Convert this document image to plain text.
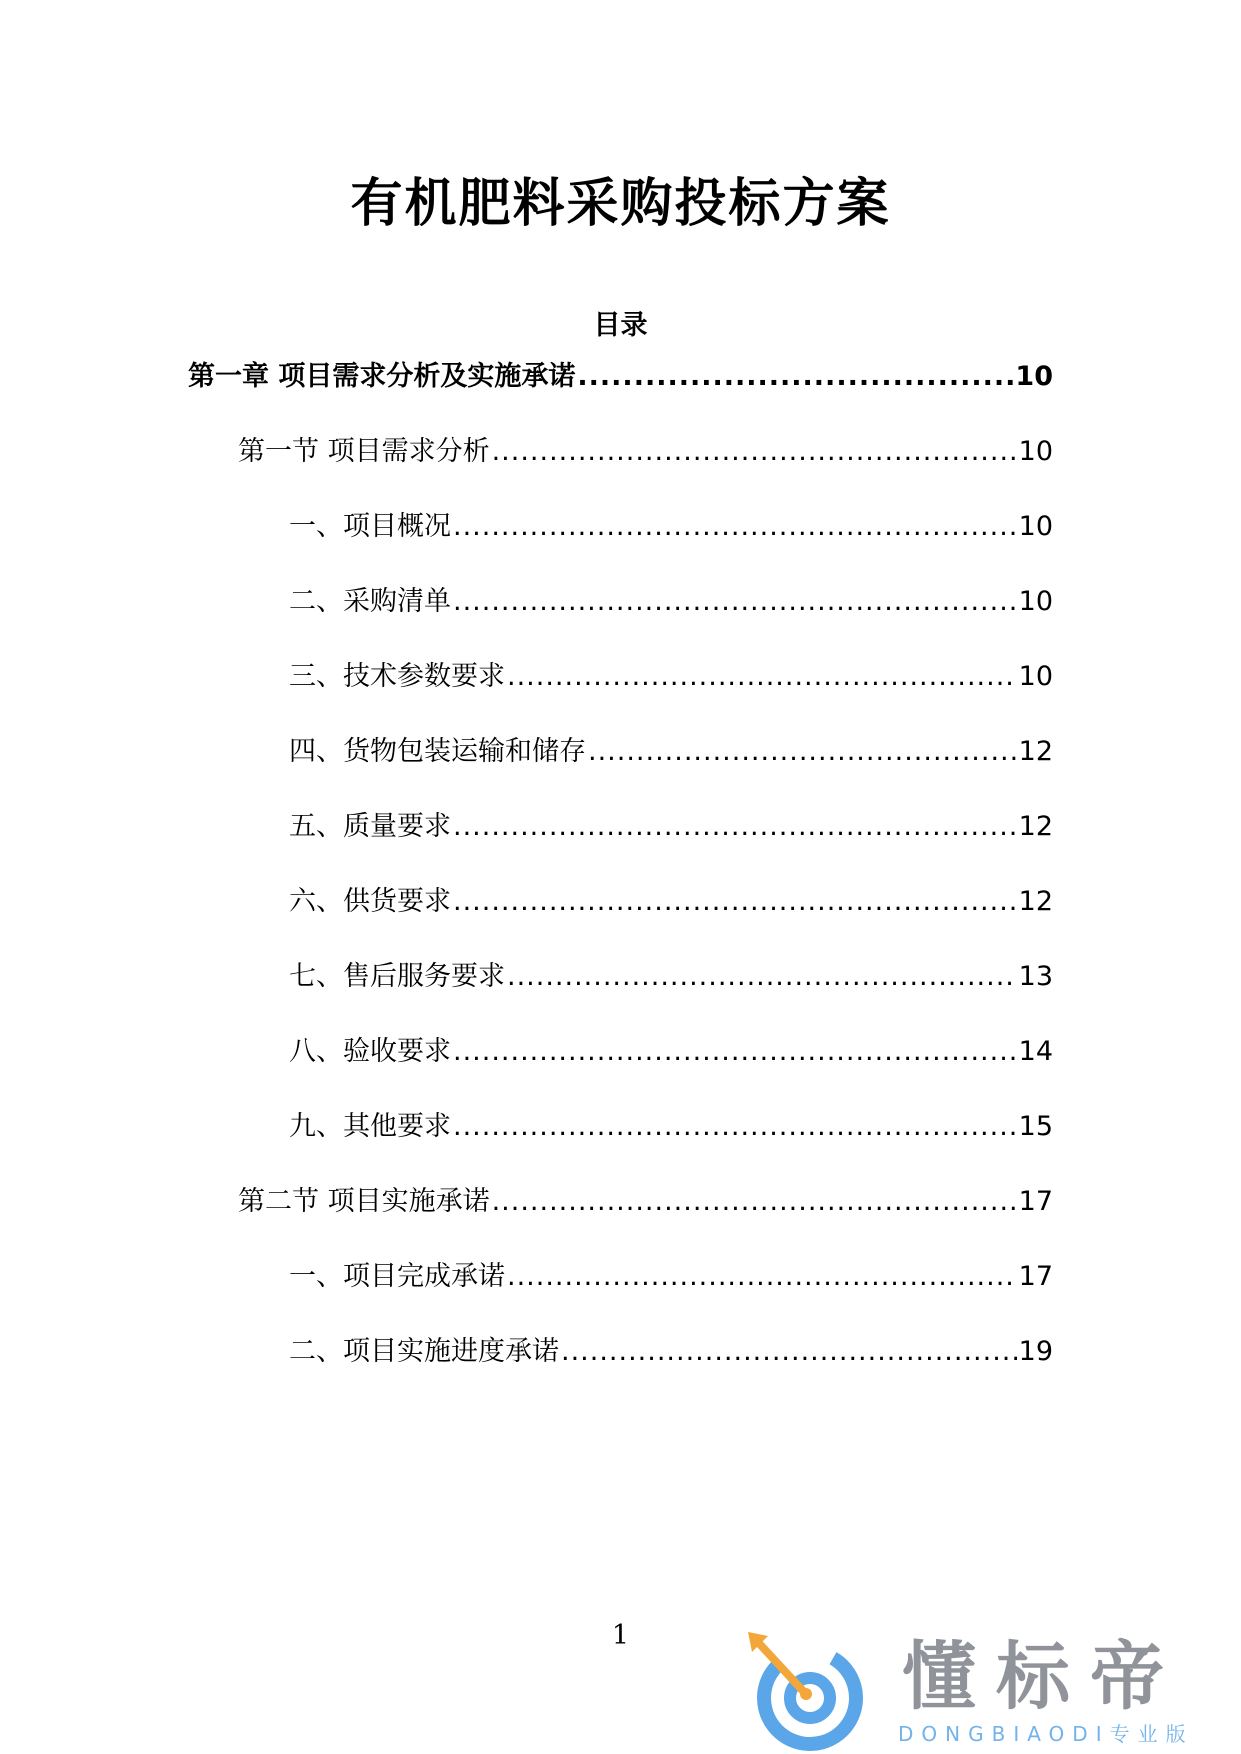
有机肥料采购投标方案
目录
第一章 项目需求分析及实施承诺 .....	10
第一节 项目需求分析 .....	10
一、项目概况 .....	10
二、采购清单 .....	10
三、技术参数要求 .....	10
四、货物包装运输和储存 .....	12
五、质量要求 .....	12
六、供货要求 .....	12
七、售后服务要求 .....	13
八、验收要求 .....	14
九、其他要求 .....	15
第二节 项目实施承诺 .....	17
一、项目完成承诺 .....	17
二、项目实施进度承诺 .....	19
1	懂标帝
DONGBIAODI专业版
